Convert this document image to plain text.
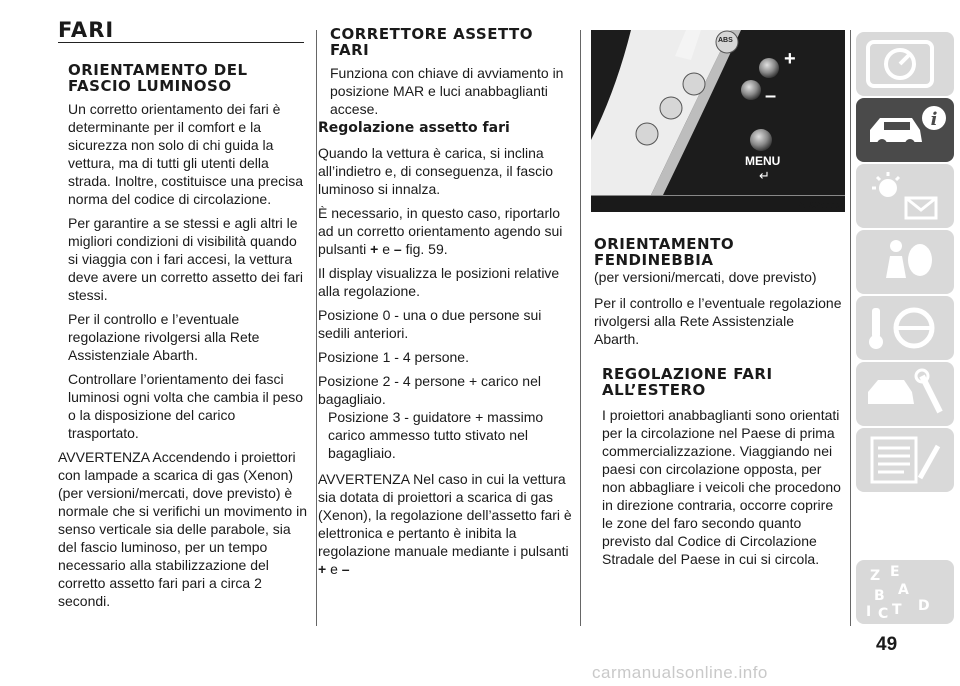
FARI
ORIENTAMENTO DEL
FASCIO LUMINOSO

Un corretto orientamento dei fari è determinante per il comfort e la sicurezza non solo di chi guida la vettura, ma di tutti gli utenti della strada. Inoltre, costituisce una precisa norma del codice di circolazione.

Per garantire a se stessi e agli altri le migliori condizioni di visibilità quando si viaggia con i fari accesi, la vettura deve avere un corretto assetto dei fari stessi.

Per il controllo e l’eventuale regolazione rivolgersi alla Rete Assistenziale Abarth.

Controllare l’orientamento dei fasci luminosi ogni volta che cambia il peso o la disposizione del carico trasportato.

AVVERTENZA Accendendo i proiettori con lampade a scarica di gas (Xenon) (per versioni/mercati, dove previsto) è normale che si verifichi un movimento in senso verticale sia delle parabole, sia del fascio luminoso, per un tempo necessario alla stabilizzazione del corretto assetto fari pari a circa 2 secondi.

CORRETTORE ASSETTO
FARI

Funziona con chiave di avviamento in posizione MAR e luci anabbaglianti accese.

Regolazione assetto fari

Quando la vettura è carica, si inclina all’indietro e, di conseguenza, il fascio luminoso si innalza.

È necessario, in questo caso, riportarlo ad un corretto orientamento agendo sui pulsanti + e – fig. 59.

Il display visualizza le posizioni relative alla regolazione.

Posizione 0 - una o due persone sui sedili anteriori.

Posizione 1 - 4 persone.

Posizione 2 - 4 persone + carico nel bagagliaio.

Posizione 3 - guidatore + massimo carico ammesso tutto stivato nel bagagliaio.

AVVERTENZA Nel caso in cui la vettura sia dotata di proiettori a scarica di gas (Xenon), la regolazione dell’assetto fari è elettronica e pertanto è inibita la regolazione manuale mediante i pulsanti
+ e –

ABS
+
–
MENU
↵
59	AB0A0002
ORIENTAMENTO
FENDINEBBIA

(per versioni/mercati, dove previsto)

Per il controllo e l’eventuale regolazione rivolgersi alla Rete Assistenziale Abarth.

REGOLAZIONE FARI
ALL’ESTERO

I proiettori anabbaglianti sono orientati per la circolazione nel Paese di prima commercializzazione. Viaggiando nei paesi con circolazione opposta, per non abbagliare i veicoli che procedono in direzione contraria, occorre coprire le zone del faro secondo quanto previsto dal Codice di Circolazione Stradale del Paese in cui si circola.

i
Z E
A
B
I C T D
49
carmanualsonline.info
